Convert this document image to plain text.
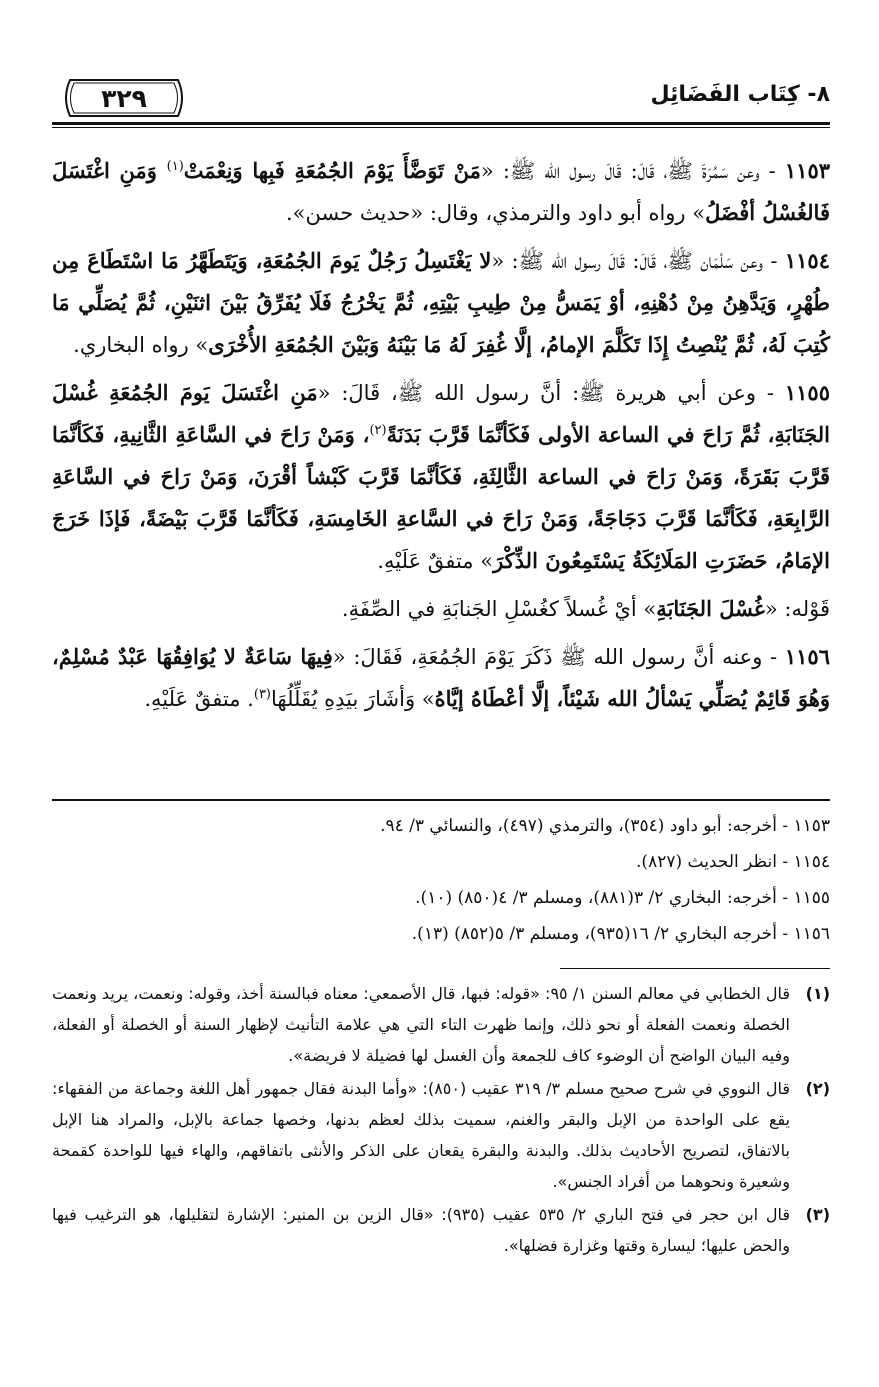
٣٢٩	٨- كِتَاب الفَضَائِل

١١٥٣ - وعن سَمُرَةَ ﷺ، قَالَ: قَالَ رسول الله ﷺ: «مَنْ تَوَضَّأَ يَوْمَ الجُمُعَةِ فَبِها وَنِعْمَتْ$^{(١)}$ وَمَنِ اغْتَسَلَ فَالغُسْلُ أفْضَلُ» رواه أبو داود والترمذي، وقال: «حديث حسن».

١١٥٤ - وعن سَلْمَان ﷺ، قَالَ: قَالَ رسول الله ﷺ: «لا يَغْتَسِلُ رَجُلٌ يَومَ الجُمُعَةِ، وَيَتَطَهَّرُ مَا اسْتَطَاعَ مِن طُهْرٍ، وَيَدَّهِنُ مِنْ دُهْنِهِ، أوْ يَمَسُّ مِنْ طِيبِ بَيْتِهِ، ثُمَّ يَخْرُجُ فَلَا يُفَرِّقُ بَيْنَ اثنَيْنِ، ثُمَّ يُصَلِّي مَا كُتِبَ لَهُ، ثُمَّ يُنْصِتُ إِذَا تَكَلَّمَ الإمامُ، إلَّا غُفِرَ لَهُ مَا بَيْنَهُ وَبَيْنَ الجُمُعَةِ الأُخْرَى» رواه البخاري.

١١٥٥ - وعن أبي هريرة ﷺ: أنَّ رسول الله ﷺ، قَالَ: «مَنِ اغْتَسَلَ يَومَ الجُمُعَةِ غُسْلَ الجَنَابَةِ، ثُمَّ رَاحَ في الساعة الأولى فَكَأنَّمَا قَرَّبَ بَدَنَةً$^{(٢)}$، وَمَنْ رَاحَ في السَّاعَةِ الثَّانِيةِ، فَكَأنَّمَا قَرَّبَ بَقَرَةً، وَمَنْ رَاحَ في الساعة الثَّالِثَةِ، فَكَأنَّمَا قَرَّبَ كَبْشاً أقْرَنَ، وَمَنْ رَاحَ في السَّاعَةِ الرَّابِعَةِ، فَكَأنَّمَا قَرَّبَ دَجَاجَةً، وَمَنْ رَاحَ في السَّاعةِ الخَامِسَةِ، فَكَأنَّمَا قَرَّبَ بَيْضَةً، فَإذَا خَرَجَ الإمَامُ، حَضَرَتِ المَلَائِكَةُ يَسْتَمِعُونَ الذِّكْرَ» متفقٌ عَلَيْهِ.

قَوْله: «غُسْلَ الجَنَابَةِ» أيْ غُسلاً كغُسْلِ الجَنابَةِ في الصِّفَةِ.

١١٥٦ - وعنه أنَّ رسول الله ﷺ ذَكَرَ يَوْمَ الجُمُعَةِ، فَقَالَ: «فِيهَا سَاعَةٌ لا يُوَافِقُهَا عَبْدٌ مُسْلِمٌ، وَهُوَ قَائِمٌ يُصَلِّي يَسْألُ الله شَيْئاً، إلَّا أعْطَاهُ إيَّاهُ» وَأشَارَ بيَدِهِ يُقَلِّلُهَا$^{(٣)}$. متفقٌ عَلَيْهِ.

١١٥٣ - أخرجه: أبو داود (٣٥٤)، والترمذي (٤٩٧)، والنسائي ٣/ ٩٤.

١١٥٤ - انظر الحديث (٨٢٧).

١١٥٥ - أخرجه: البخاري ٢/ ٣(٨٨١)، ومسلم ٣/ ٤(٨٥٠) (١٠).

١١٥٦ - أخرجه البخاري ٢/ ١٦(٩٣٥)، ومسلم ٣/ ٥(٨٥٢) (١٣).

(١)
قال الخطابي في معالم السنن ١/ ٩٥: «قوله: فبها، قال الأصمعي: معناه فبالسنة أخذ، وقوله: ونعمت، يريد ونعمت الخصلة ونعمت الفعلة أو نحو ذلك، وإنما ظهرت التاء التي هي علامة التأنيث لإظهار السنة أو الخصلة أو الفعلة، وفيه البيان الواضح أن الوضوء كاف للجمعة وأن الغسل لها فضيلة لا فريضة».
(٢)
قال النووي في شرح صحيح مسلم ٣/ ٣١٩ عقيب (٨٥٠): «وأما البدنة فقال جمهور أهل اللغة وجماعة من الفقهاء: يقع على الواحدة من الإبل والبقر والغنم، سميت بذلك لعظم بدنها، وخصها جماعة بالإبل، والمراد هنا الإبل بالاتفاق، لتصريح الأحاديث بذلك. والبدنة والبقرة يقعان على الذكر والأنثى باتفاقهم، والهاء فيها للواحدة كقمحة وشعيرة ونحوهما من أفراد الجنس».
(٣)
قال ابن حجر في فتح الباري ٢/ ٥٣٥ عقيب (٩٣٥): «قال الزين بن المنير: الإشارة لتقليلها، هو الترغيب فيها والحض عليها؛ ليسارة وقتها وغزارة فضلها».
